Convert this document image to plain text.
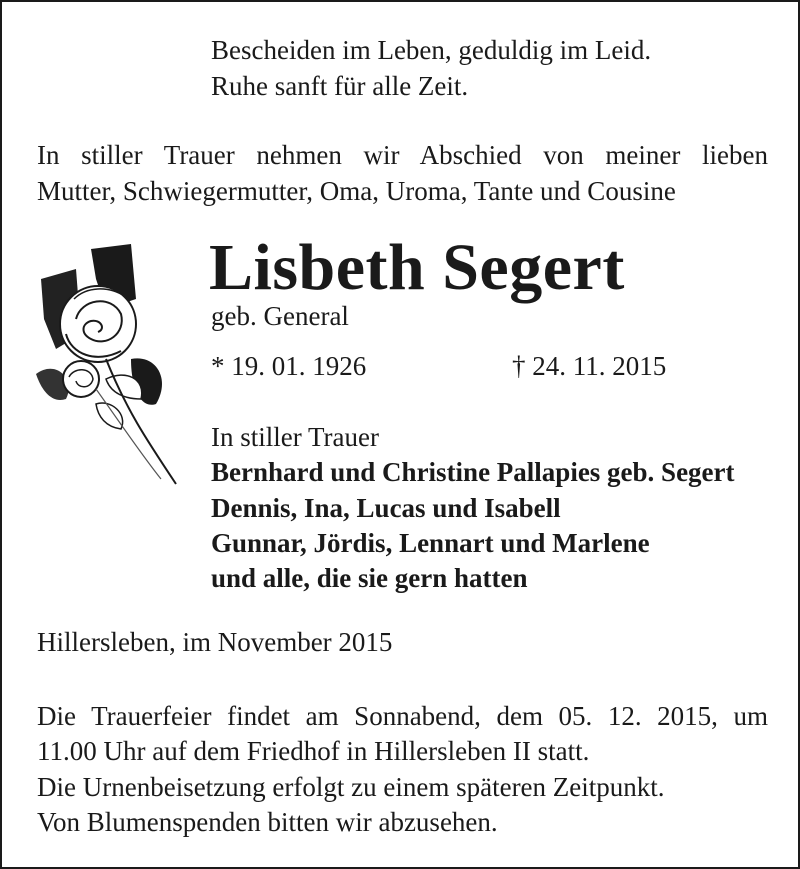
Bescheiden im Leben, geduldig im Leid.
Ruhe sanft für alle Zeit.
In stiller Trauer nehmen wir Abschied von meiner lieben
Mutter, Schwiegermutter, Oma, Uroma, Tante und Cousine
Lisbeth Segert
geb. General
* 19. 01. 1926	† 24. 11. 2015
In stiller Trauer
Bernhard und Christine Pallapies geb. Segert
Dennis, Ina, Lucas und Isabell
Gunnar, Jördis, Lennart und Marlene
und alle, die sie gern hatten
Hillersleben, im November 2015
Die Trauerfeier findet am Sonnabend, dem 05. 12. 2015, um
11.00 Uhr auf dem Friedhof in Hillersleben II statt.
Die Urnenbeisetzung erfolgt zu einem späteren Zeitpunkt.
Von Blumenspenden bitten wir abzusehen.
